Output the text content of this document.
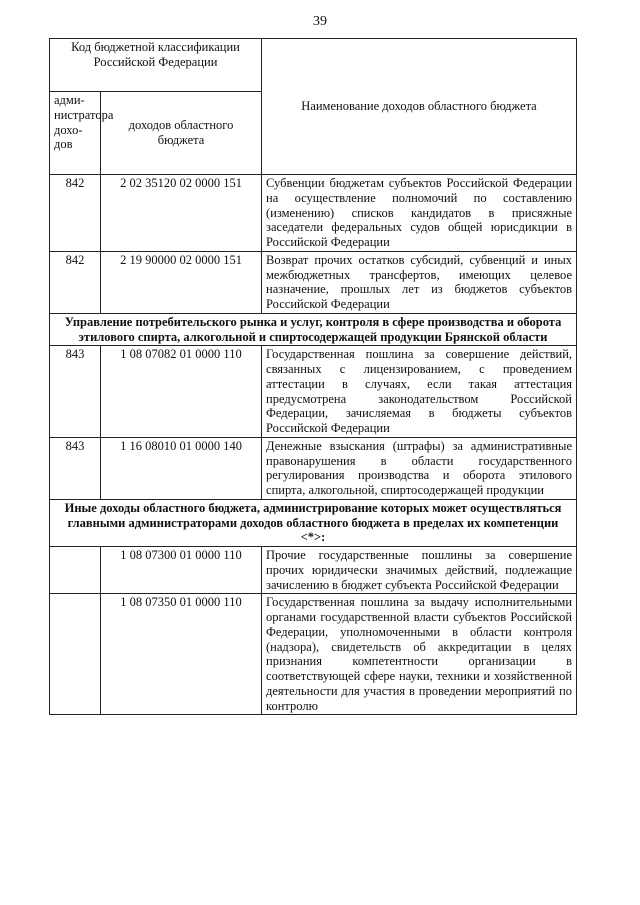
39
Код бюджетной классификации Российской Федерации		Наименование доходов областного бюджета
адми-нистратора дохо-дов	доходов областного бюджета	
842	2 02 35120 02 0000 151	Субвенции бюджетам субъектов Российской Федерации на осуществление полномочий по составлению (изменению) списков кандидатов в присяжные заседатели федеральных судов общей юрисдикции в Российской Федерации
842	2 19 90000 02 0000 151	Возврат прочих остатков субсидий, субвенций и иных межбюджетных трансфертов, имеющих целевое назначение, прошлых лет из бюджетов субъектов Российской Федерации
Управление потребительского рынка и услуг, контроля в сфере производства и оборота этилового спирта, алкогольной и спиртосодержащей продукции Брянской области		
843	1 08 07082 01 0000 110	Государственная пошлина за совершение действий, связанных с лицензированием, с проведением аттестации в случаях, если такая аттестация предусмотрена законодательством Российской Федерации, зачисляемая в бюджеты субъектов Российской Федерации
843	1 16 08010 01 0000 140	Денежные взыскания (штрафы) за административные правонарушения в области государственного регулирования производства и оборота этилового спирта, алкогольной, спиртосодержащей продукции
Иные доходы областного бюджета, администрирование которых может осуществляться главными администраторами доходов областного бюджета в пределах их компетенции <*>:		
	1 08 07300 01 0000 110	Прочие государственные пошлины за совершение прочих юридически значимых действий, подлежащие зачислению в бюджет субъекта Российской Федерации
	1 08 07350 01 0000 110	Государственная пошлина за выдачу исполнительными органами государственной власти субъектов Российской Федерации, уполномоченными в области контроля (надзора), свидетельств об аккредитации в целях признания компетентности организации в соответствующей сфере науки, техники и хозяйственной деятельности для участия в проведении мероприятий по контролю
